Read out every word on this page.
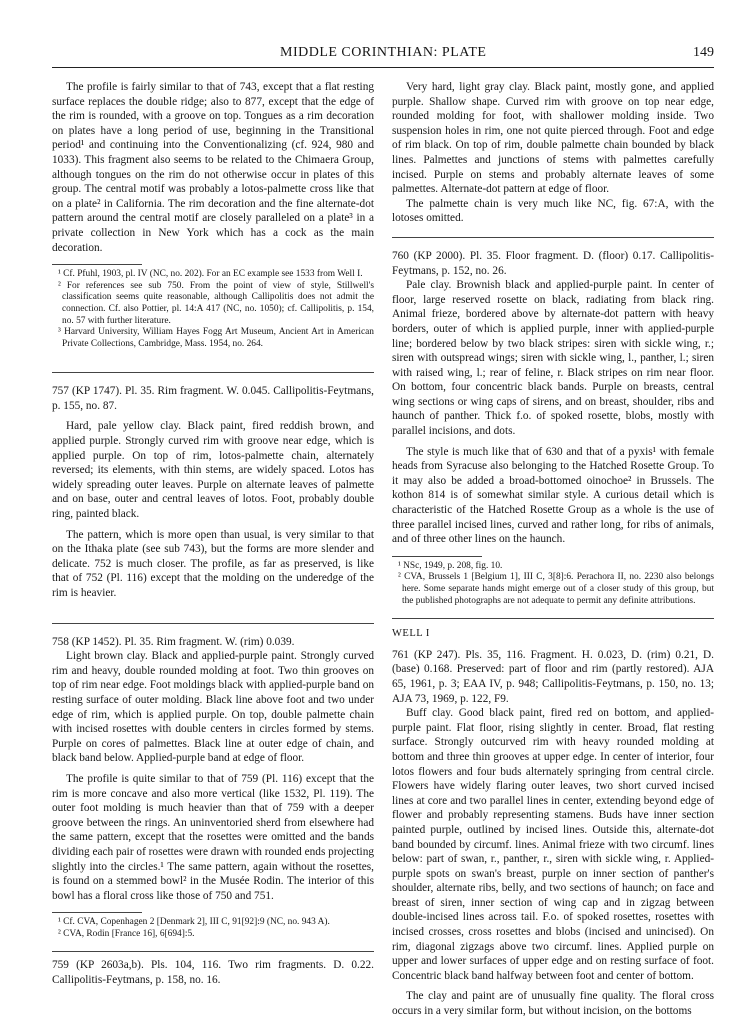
MIDDLE CORINTHIAN: PLATE	149

The profile is fairly similar to that of 743, except that a flat resting surface replaces the double ridge; also to 877, except that the edge of the rim is rounded, with a groove on top. Tongues as a rim decoration on plates have a long period of use, beginning in the Transitional period¹ and continuing into the Conventionalizing (cf. 924, 980 and 1033). This fragment also seems to be related to the Chimaera Group, although tongues on the rim do not otherwise occur in plates of this group. The central motif was probably a lotos-palmette cross like that on a plate² in California. The rim decoration and the fine alternate-dot pattern around the central motif are closely paralleled on a plate³ in a private collection in New York which has a cock as the main decoration.

¹ Cf. Pfuhl, 1903, pl. IV (NC, no. 202). For an EC example see 1533 from Well I.

² For references see sub 750. From the point of view of style, Stillwell's classification seems quite reasonable, although Callipolitis does not admit the connection. Cf. also Pottier, pl. 14:A 417 (NC, no. 1050); cf. Callipolitis, p. 154, no. 57 with further literature.

³ Harvard University, William Hayes Fogg Art Museum, Ancient Art in American Private Collections, Cambridge, Mass. 1954, no. 264.

757 (KP 1747). Pl. 35. Rim fragment. W. 0.045. Callipolitis-Feytmans, p. 155, no. 87.

Hard, pale yellow clay. Black paint, fired reddish brown, and applied purple. Strongly curved rim with groove near edge, which is applied purple. On top of rim, lotos-palmette chain, alternately reversed; its elements, with thin stems, are widely spaced. Lotos has widely spreading outer leaves. Purple on alternate leaves of palmette and on base, outer and central leaves of lotos. Foot, probably double ring, painted black.

The pattern, which is more open than usual, is very similar to that on the Ithaka plate (see sub 743), but the forms are more slender and delicate. 752 is much closer. The profile, as far as preserved, is like that of 752 (Pl. 116) except that the molding on the underedge of the rim is heavier.

758 (KP 1452). Pl. 35. Rim fragment. W. (rim) 0.039.

Light brown clay. Black and applied-purple paint. Strongly curved rim and heavy, double rounded molding at foot. Two thin grooves on top of rim near edge. Foot moldings black with applied-purple band on resting surface of outer molding. Black line above foot and two under edge of rim, which is applied purple. On top, double palmette chain with incised rosettes with double centers in circles formed by stems. Purple on cores of palmettes. Black line at outer edge of chain, and black band below. Applied-purple band at edge of floor.

The profile is quite similar to that of 759 (Pl. 116) except that the rim is more concave and also more vertical (like 1532, Pl. 119). The outer foot molding is much heavier than that of 759 with a deeper groove between the rings. An uninventoried sherd from elsewhere had the same pattern, except that the rosettes were omitted and the bands dividing each pair of rosettes were drawn with rounded ends projecting slightly into the circles.¹ The same pattern, again without the rosettes, is found on a stemmed bowl² in the Musée Rodin. The interior of this bowl has a floral cross like those of 750 and 751.

¹ Cf. CVA, Copenhagen 2 [Denmark 2], III C, 91[92]:9 (NC, no. 943 A).

² CVA, Rodin [France 16], 6[694]:5.

759 (KP 2603a,b). Pls. 104, 116. Two rim fragments. D. 0.22. Callipolitis-Feytmans, p. 158, no. 16.

Very hard, light gray clay. Black paint, mostly gone, and applied purple. Shallow shape. Curved rim with groove on top near edge, rounded molding for foot, with shallower molding inside. Two suspension holes in rim, one not quite pierced through. Foot and edge of rim black. On top of rim, double palmette chain bounded by black lines. Palmettes and junctions of stems with palmettes carefully incised. Purple on stems and probably alternate leaves of some palmettes. Alternate-dot pattern at edge of floor.

The palmette chain is very much like NC, fig. 67:A, with the lotoses omitted.

760 (KP 2000). Pl. 35. Floor fragment. D. (floor) 0.17. Callipolitis-Feytmans, p. 152, no. 26.

Pale clay. Brownish black and applied-purple paint. In center of floor, large reserved rosette on black, radiating from black ring. Animal frieze, bordered above by alternate-dot pattern with heavy borders, outer of which is applied purple, inner with applied-purple line; bordered below by two black stripes: siren with sickle wing, r.; siren with outspread wings; siren with sickle wing, l., panther, l.; siren with raised wing, l.; rear of feline, r. Black stripes on rim near floor. On bottom, four concentric black bands. Purple on breasts, central wing sections or wing caps of sirens, and on breast, shoulder, ribs and haunch of panther. Thick f.o. of spoked rosette, blobs, mostly with parallel incisions, and dots.

The style is much like that of 630 and that of a pyxis¹ with female heads from Syracuse also belonging to the Hatched Rosette Group. To it may also be added a broad-bottomed oinochoe² in Brussels. The kothon 814 is of somewhat similar style. A curious detail which is characteristic of the Hatched Rosette Group as a whole is the use of three parallel incised lines, curved and rather long, for ribs of animals, and of three other lines on the haunch.

¹ NSc, 1949, p. 208, fig. 10.

² CVA, Brussels 1 [Belgium 1], III C, 3[8]:6. Perachora II, no. 2230 also belongs here. Some separate hands might emerge out of a closer study of this group, but the published photographs are not adequate to permit any definite attributions.

WELL I

761 (KP 247). Pls. 35, 116. Fragment. H. 0.023, D. (rim) 0.21, D. (base) 0.168. Preserved: part of floor and rim (partly restored). AJA 65, 1961, p. 3; EAA IV, p. 948; Callipolitis-Feytmans, p. 150, no. 13; AJA 73, 1969, p. 122, F9.

Buff clay. Good black paint, fired red on bottom, and applied-purple paint. Flat floor, rising slightly in center. Broad, flat resting surface. Strongly outcurved rim with heavy rounded molding at bottom and three thin grooves at upper edge. In center of interior, four lotos flowers and four buds alternately springing from central circle. Flowers have widely flaring outer leaves, two short curved incised lines at core and two parallel lines in center, extending beyond edge of flower and probably representing stamens. Buds have inner section painted purple, outlined by incised lines. Outside this, alternate-dot band bounded by circumf. lines. Animal frieze with two circumf. lines below: part of swan, r., panther, r., siren with sickle wing, r. Applied-purple spots on swan's breast, purple on inner section of panther's shoulder, alternate ribs, belly, and two sections of haunch; on face and breast of siren, inner section of wing cap and in zigzag between double-incised lines across tail. F.o. of spoked rosettes, rosettes with incised crosses, cross rosettes and blobs (incised and unincised). On rim, diagonal zigzags above two circumf. lines. Applied purple on upper and lower surfaces of upper edge and on resting surface of foot. Concentric black band halfway between foot and center of bottom.

The clay and paint are of unusually fine quality. The floral cross occurs in a very similar form, but without incision, on the bottoms
